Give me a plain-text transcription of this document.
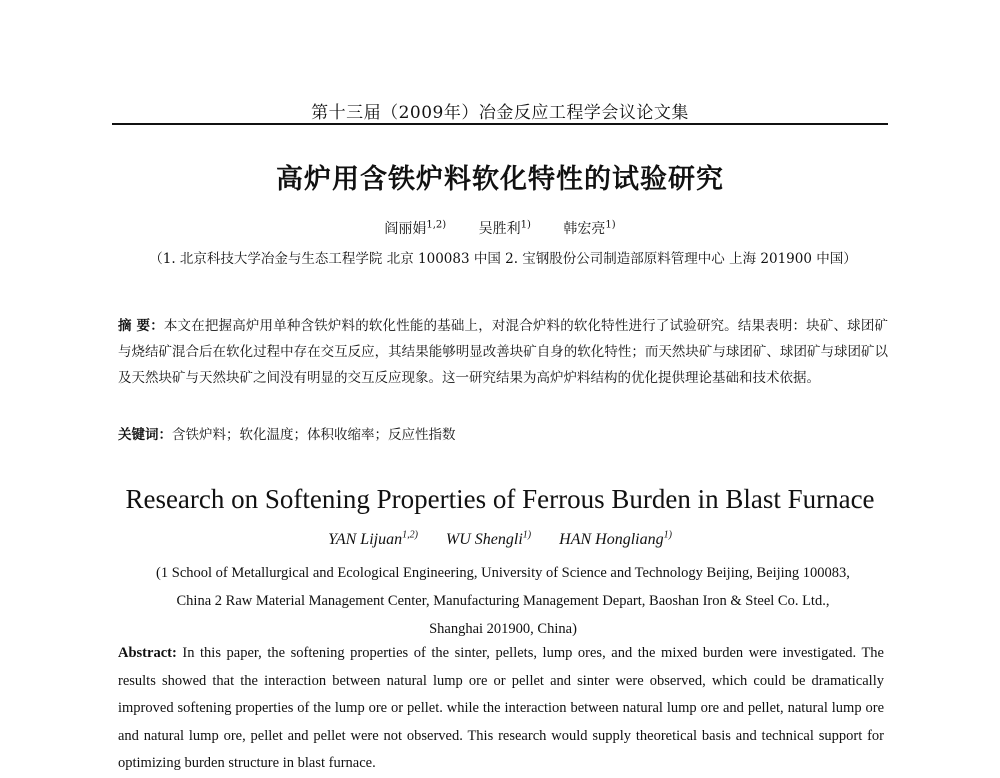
第十三届（2009年）冶金反应工程学会议论文集
高炉用含铁炉料软化特性的试验研究
阎丽娟$^{1,2)}$ 吴胜利$^{1)}$ 韩宏亮$^{1)}$
（1. 北京科技大学冶金与生态工程学院 北京 100083 中国 2. 宝钢股份公司制造部原料管理中心 上海 201900 中国）
摘 要：本文在把握高炉用单种含铁炉料的软化性能的基础上，对混合炉料的软化特性进行了试验研究。结果表明：块矿、球团矿与烧结矿混合后在软化过程中存在交互反应，其结果能够明显改善块矿自身的软化特性；而天然块矿与球团矿、球团矿与球团矿以及天然块矿与天然块矿之间没有明显的交互反应现象。这一研究结果为高炉炉料结构的优化提供理论基础和技术依据。
关键词：含铁炉料；软化温度；体积收缩率；反应性指数
Research on Softening Properties of Ferrous Burden in Blast Furnace
YAN Lijuan$^{1,2)}$ WU Shengli$^{1)}$ HAN Hongliang$^{1)}$
(1 School of Metallurgical and Ecological Engineering, University of Science and Technology Beijing, Beijing 100083,
China 2 Raw Material Management Center, Manufacturing Management Depart, Baoshan Iron & Steel Co. Ltd.,
Shanghai 201900, China)
Abstract: In this paper, the softening properties of the sinter, pellets, lump ores, and the mixed burden were investigated. The results showed that the interaction between natural lump ore or pellet and sinter were observed, which could be dramatically improved softening properties of the lump ore or pellet. while the interaction between natural lump ore and pellet, natural lump ore and natural lump ore, pellet and pellet were not observed. This research would supply theoretical basis and technical support for optimizing burden structure in blast furnace.
